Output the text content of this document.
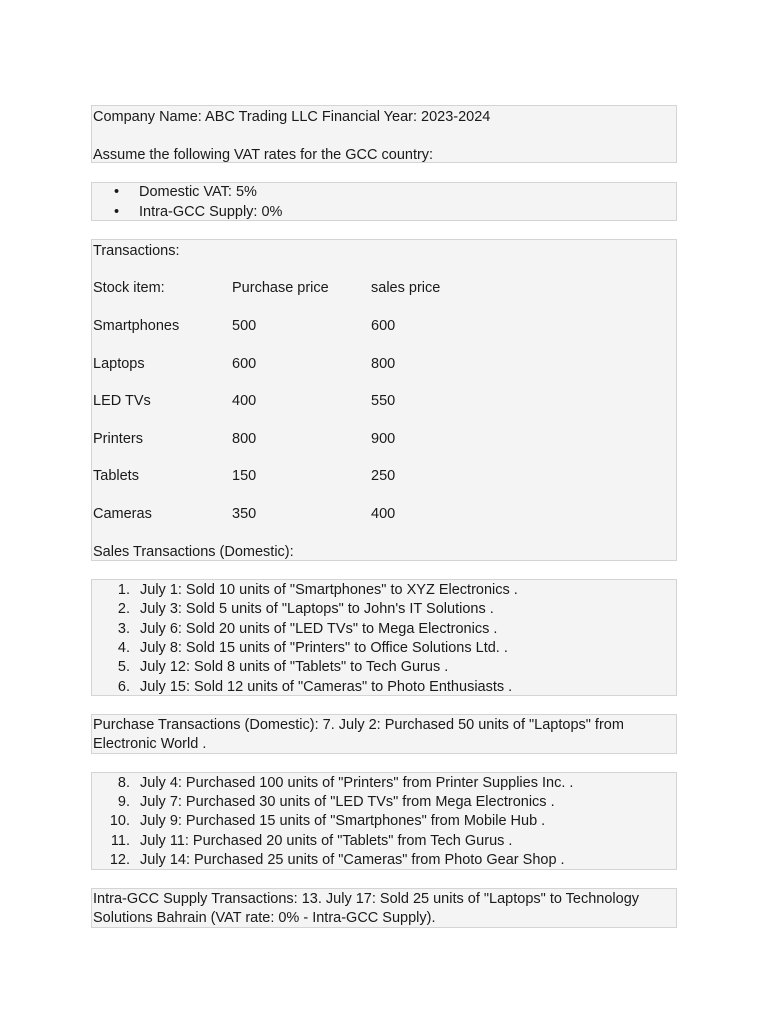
Company Name: ABC Trading LLC Financial Year: 2023-2024
Assume the following VAT rates for the GCC country:
• Domestic VAT: 5%
• Intra-GCC Supply: 0%
Transactions:
Stock item:	Purchase price	sales price
Smartphones	500	600
Laptops	600	800
LED TVs	400	550
Printers	800	900
Tablets	150	250
Cameras	350	400
Sales Transactions (Domestic):
1. July 1: Sold 10 units of "Smartphones" to XYZ Electronics .
2. July 3: Sold 5 units of "Laptops" to John's IT Solutions .
3. July 6: Sold 20 units of "LED TVs" to Mega Electronics .
4. July 8: Sold 15 units of "Printers" to Office Solutions Ltd. .
5. July 12: Sold 8 units of "Tablets" to Tech Gurus .
6. July 15: Sold 12 units of "Cameras" to Photo Enthusiasts .
Purchase Transactions (Domestic): 7. July 2: Purchased 50 units of "Laptops" from
Electronic World .
8. July 4: Purchased 100 units of "Printers" from Printer Supplies Inc. .
9. July 7: Purchased 30 units of "LED TVs" from Mega Electronics .
10. July 9: Purchased 15 units of "Smartphones" from Mobile Hub .
11. July 11: Purchased 20 units of "Tablets" from Tech Gurus .
12. July 14: Purchased 25 units of "Cameras" from Photo Gear Shop .
Intra-GCC Supply Transactions: 13. July 17: Sold 25 units of "Laptops" to Technology
Solutions Bahrain (VAT rate: 0% - Intra-GCC Supply).
